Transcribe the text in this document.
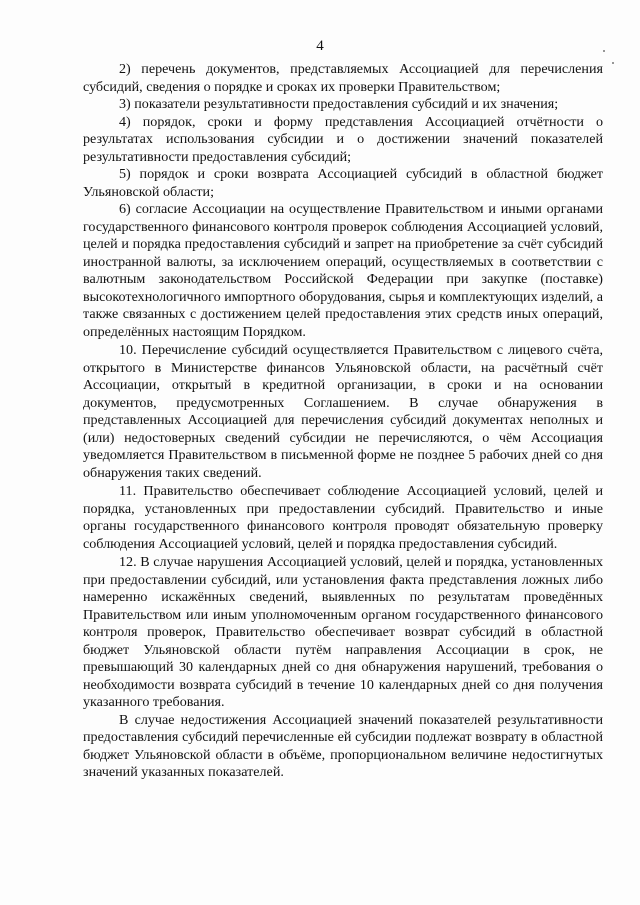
4

2) перечень документов, представляемых Ассоциацией для перечисления субсидий, сведения о порядке и сроках их проверки Правительством;

3) показатели результативности предоставления субсидий и их значения;

4) порядок, сроки и форму представления Ассоциацией отчётности о результатах использования субсидии и о достижении значений показателей результативности предоставления субсидий;

5) порядок и сроки возврата Ассоциацией субсидий в областной бюджет Ульяновской области;

6) согласие Ассоциации на осуществление Правительством и иными органами государственного финансового контроля проверок соблюдения Ассоциацией условий, целей и порядка предоставления субсидий и запрет на приобретение за счёт субсидий иностранной валюты, за исключением операций, осуществляемых в соответствии с валютным законодательством Российской Федерации при закупке (поставке) высокотехнологичного импортного оборудования, сырья и комплектующих изделий, а также связанных с достижением целей предоставления этих средств иных операций, определённых настоящим Порядком.

10. Перечисление субсидий осуществляется Правительством с лицевого счёта, открытого в Министерстве финансов Ульяновской области, на расчётный счёт Ассоциации, открытый в кредитной организации, в сроки и на основании документов, предусмотренных Соглашением. В случае обнаружения в представленных Ассоциацией для перечисления субсидий документах неполных и (или) недостоверных сведений субсидии не перечисляются, о чём Ассоциация уведомляется Правительством в письменной форме не позднее 5 рабочих дней со дня обнаружения таких сведений.

11. Правительство обеспечивает соблюдение Ассоциацией условий, целей и порядка, установленных при предоставлении субсидий. Правительство и иные органы государственного финансового контроля проводят обязательную проверку соблюдения Ассоциацией условий, целей и порядка предоставления субсидий.

12. В случае нарушения Ассоциацией условий, целей и порядка, установленных при предоставлении субсидий, или установления факта представления ложных либо намеренно искажённых сведений, выявленных по результатам проведённых Правительством или иным уполномоченным органом государственного финансового контроля проверок, Правительство обеспечивает возврат субсидий в областной бюджет Ульяновской области путём направления Ассоциации в срок, не превышающий 30 календарных дней со дня обнаружения нарушений, требования о необходимости возврата субсидий в течение 10 календарных дней со дня получения указанного требования.

В случае недостижения Ассоциацией значений показателей результативности предоставления субсидий перечисленные ей субсидии подлежат возврату в областной бюджет Ульяновской области в объёме, пропорциональном величине недостигнутых значений указанных показателей.
